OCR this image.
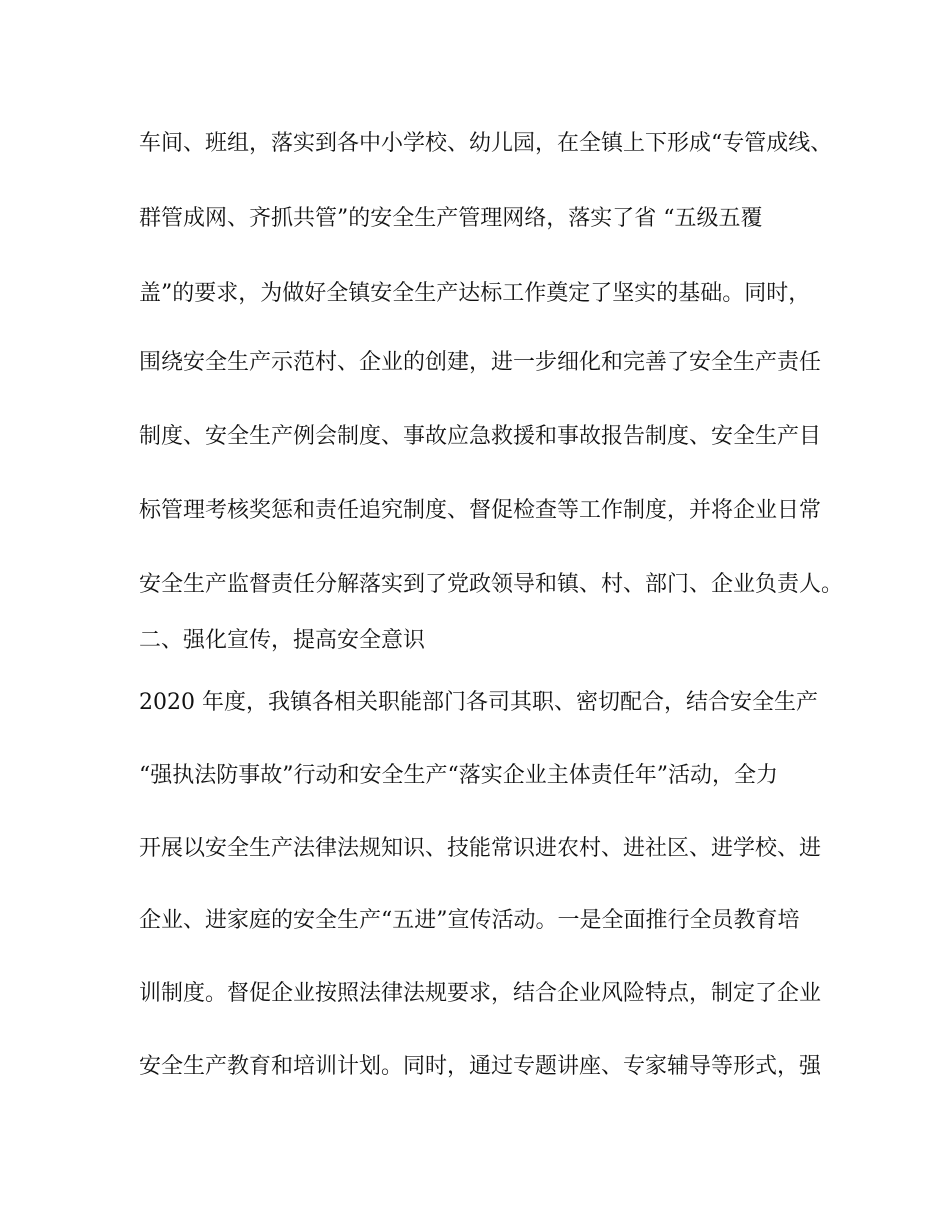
车间、班组，落实到各中小学校、幼儿园，在全镇上下形成“专管成线、
群管成网、齐抓共管”的安全生产管理网络，落实了省 “五级五覆
盖”的要求，为做好全镇安全生产达标工作奠定了坚实的基础。同时，
围绕安全生产示范村、企业的创建，进一步细化和完善了安全生产责任
制度、安全生产例会制度、事故应急救援和事故报告制度、安全生产目
标管理考核奖惩和责任追究制度、督促检查等工作制度，并将企业日常
安全生产监督责任分解落实到了党政领导和镇、村、部门、企业负责人。
二、强化宣传，提高安全意识
2020 年度，我镇各相关职能部门各司其职、密切配合，结合安全生产
“强执法防事故”行动和安全生产“落实企业主体责任年”活动，全力
开展以安全生产法律法规知识、技能常识进农村、进社区、进学校、进
企业、进家庭的安全生产“五进”宣传活动。一是全面推行全员教育培
训制度。督促企业按照法律法规要求，结合企业风险特点，制定了企业
安全生产教育和培训计划。同时，通过专题讲座、专家辅导等形式，强
